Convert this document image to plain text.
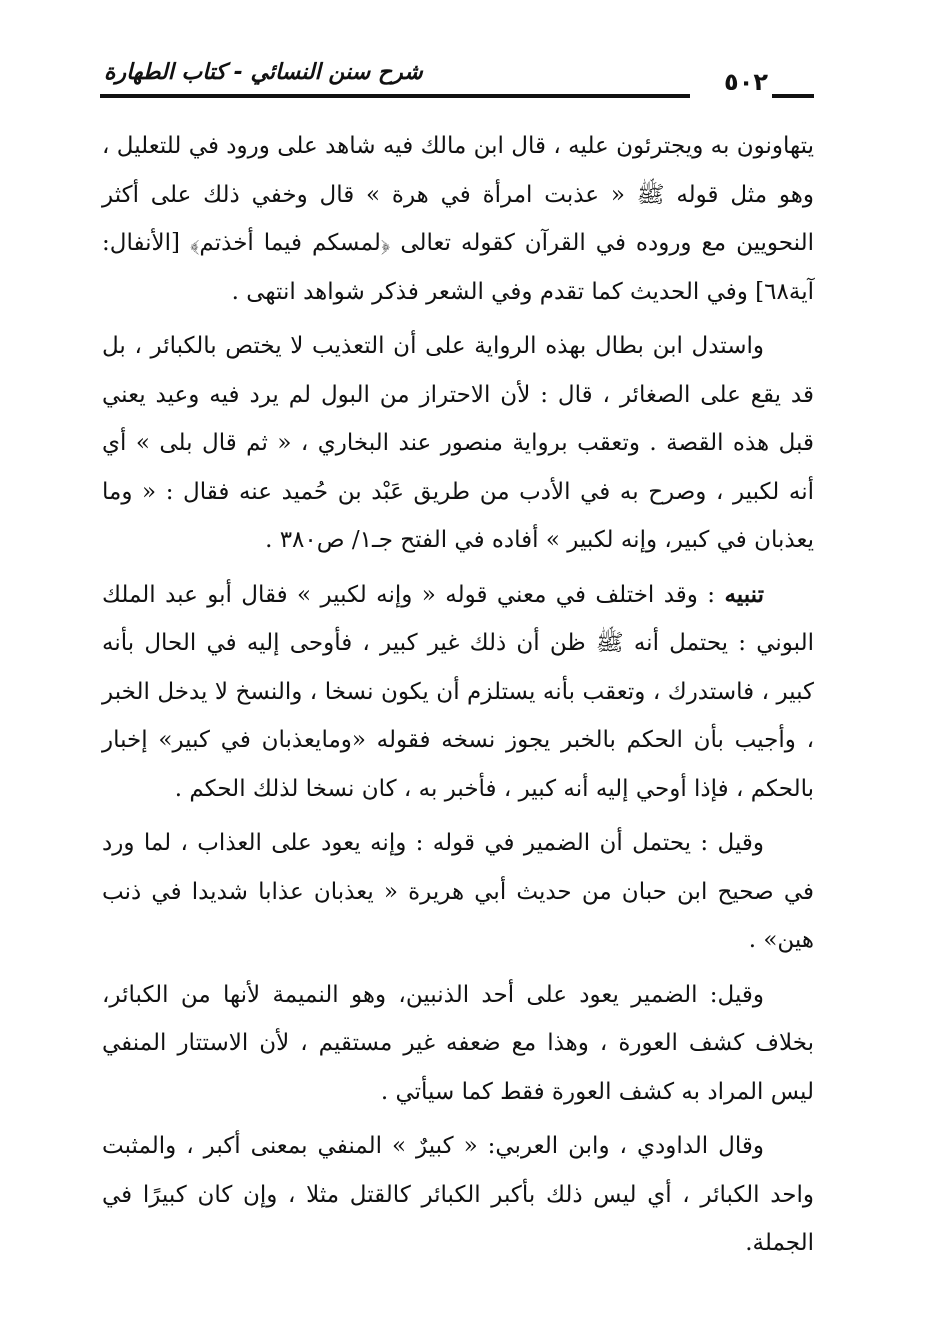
شرح سنن النسائي - كتاب الطهارة	٥٠٢

يتهاونون به ويجترئون عليه ، قال ابن مالك فيه شاهد على ورود في للتعليل ، وهو مثل قوله ﷺ « عذبت امرأة في هرة » قال وخفي ذلك على أكثر النحويين مع وروده في القرآن كقوله تعالى ﴿لمسكم فيما أخذتم﴾ [الأنفال: آية٦٨] وفي الحديث كما تقدم وفي الشعر فذكر شواهد انتهى .

واستدل ابن بطال بهذه الرواية على أن التعذيب لا يختص بالكبائر ، بل قد يقع على الصغائر ، قال : لأن الاحتراز من البول لم يرد فيه وعيد يعني قبل هذه القصة . وتعقب برواية منصور عند البخاري ، « ثم قال بلى » أي أنه لكبير ، وصرح به في الأدب من طريق عَبْد بن حُميد عنه فقال : « وما يعذبان في كبير، وإنه لكبير » أفاده في الفتح جـ١/ ص٣٨٠ .

تنبيه : وقد اختلف في معني قوله « وإنه لكبير » فقال أبو عبد الملك البوني : يحتمل أنه ﷺ ظن أن ذلك غير كبير ، فأوحى إليه في الحال بأنه كبير ، فاستدرك ، وتعقب بأنه يستلزم أن يكون نسخا ، والنسخ لا يدخل الخبر ، وأجيب بأن الحكم بالخبر يجوز نسخه فقوله «ومايعذبان في كبير» إخبار بالحكم ، فإذا أوحي إليه أنه كبير ، فأخبر به ، كان نسخا لذلك الحكم .

وقيل : يحتمل أن الضمير في قوله : وإنه يعود على العذاب ، لما ورد في صحيح ابن حبان من حديث أبي هريرة « يعذبان عذابا شديدا في ذنب هين» .

وقيل: الضمير يعود على أحد الذنبين، وهو النميمة لأنها من الكبائر، بخلاف كشف العورة ، وهذا مع ضعفه غير مستقيم ، لأن الاستتار المنفي ليس المراد به كشف العورة فقط كما سيأتي .

وقال الداودي ، وابن العربي: « كبيرٌ » المنفي بمعنى أكبر ، والمثبت واحد الكبائر ، أي ليس ذلك بأكبر الكبائر كالقتل مثلا ، وإن كان كبيرًا في الجملة.
